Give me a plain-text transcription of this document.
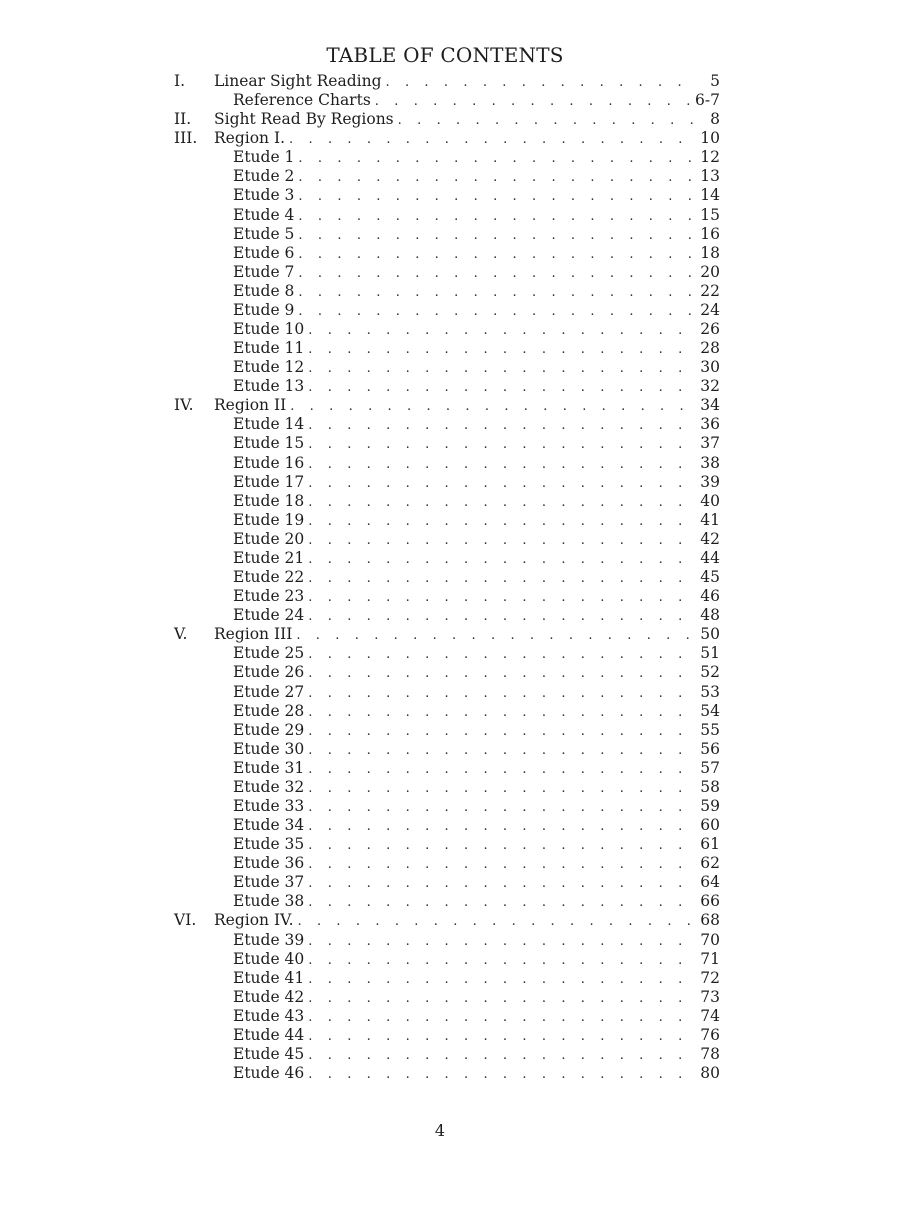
TABLE OF CONTENTS
I.	Linear Sight Reading . . .	5
Reference Charts . . .	6-7
II.	Sight Read By Regions . . .	8
III.	Region I. . . .	10
Etude 1 . . .	12
Etude 2 . . .	13
Etude 3 . . .	14
Etude 4 . . .	15
Etude 5 . . .	16
Etude 6 . . .	18
Etude 7 . . .	20
Etude 8 . . .	22
Etude 9 . . .	24
Etude 10 . . .	26
Etude 11 . . .	28
Etude 12 . . .	30
Etude 13 . . .	32
IV.	Region II . . .	34
Etude 14 . . .	36
Etude 15 . . .	37
Etude 16 . . .	38
Etude 17 . . .	39
Etude 18 . . .	40
Etude 19 . . .	41
Etude 20 . . .	42
Etude 21 . . .	44
Etude 22 . . .	45
Etude 23 . . .	46
Etude 24 . . .	48
V.	Region III . . .	50
Etude 25 . . .	51
Etude 26 . . .	52
Etude 27 . . .	53
Etude 28 . . .	54
Etude 29 . . .	55
Etude 30 . . .	56
Etude 31 . . .	57
Etude 32 . . .	58
Etude 33 . . .	59
Etude 34 . . .	60
Etude 35 . . .	61
Etude 36 . . .	62
Etude 37 . . .	64
Etude 38 . . .	66
VI.	Region IV. . . .	68
Etude 39 . . .	70
Etude 40 . . .	71
Etude 41 . . .	72
Etude 42 . . .	73
Etude 43 . . .	74
Etude 44 . . .	76
Etude 45 . . .	78
Etude 46 . . .	80
4
